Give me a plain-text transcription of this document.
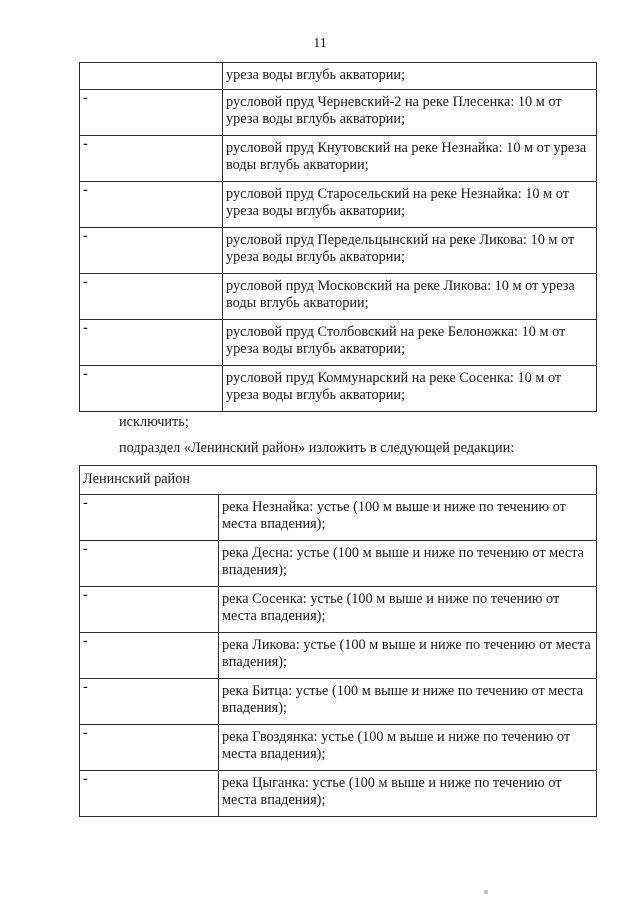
11
	уреза воды вглубь акватории;

-	русловой пруд Черневский-2 на реке Плесенка: 10 м от уреза воды вглубь акватории;

-	русловой пруд Кнутовский на реке Незнайка: 10 м от уреза воды вглубь акватории;

-	русловой пруд Старосельский на реке Незнайка: 10 м от уреза воды вглубь акватории;

-	русловой пруд Передельцынский на реке Ликова: 10 м от уреза воды вглубь акватории;

-	русловой пруд Московский на реке Ликова: 10 м от уреза воды вглубь акватории;

-	русловой пруд Столбовский на реке Белоножка: 10 м от уреза воды вглубь акватории;

-	русловой пруд Коммунарский на реке Сосенка: 10 м от уреза воды вглубь акватории;
исключить;
подраздел «Ленинский район» изложить в следующей редакции:
Ленинский район	

-	река Незнайка: устье (100 м выше и ниже по течению от места впадения);

-	река Десна: устье (100 м выше и ниже по течению от места впадения);

-	река Сосенка: устье (100 м выше и ниже по течению от места впадения);

-	река Ликова: устье (100 м выше и ниже по течению от места впадения);

-	река Битца: устье (100 м выше и ниже по течению от места впадения);

-	река Гвоздянка: устье (100 м выше и ниже по течению от места впадения);

-	река Цыганка: устье (100 м выше и ниже по течению от места впадения);
